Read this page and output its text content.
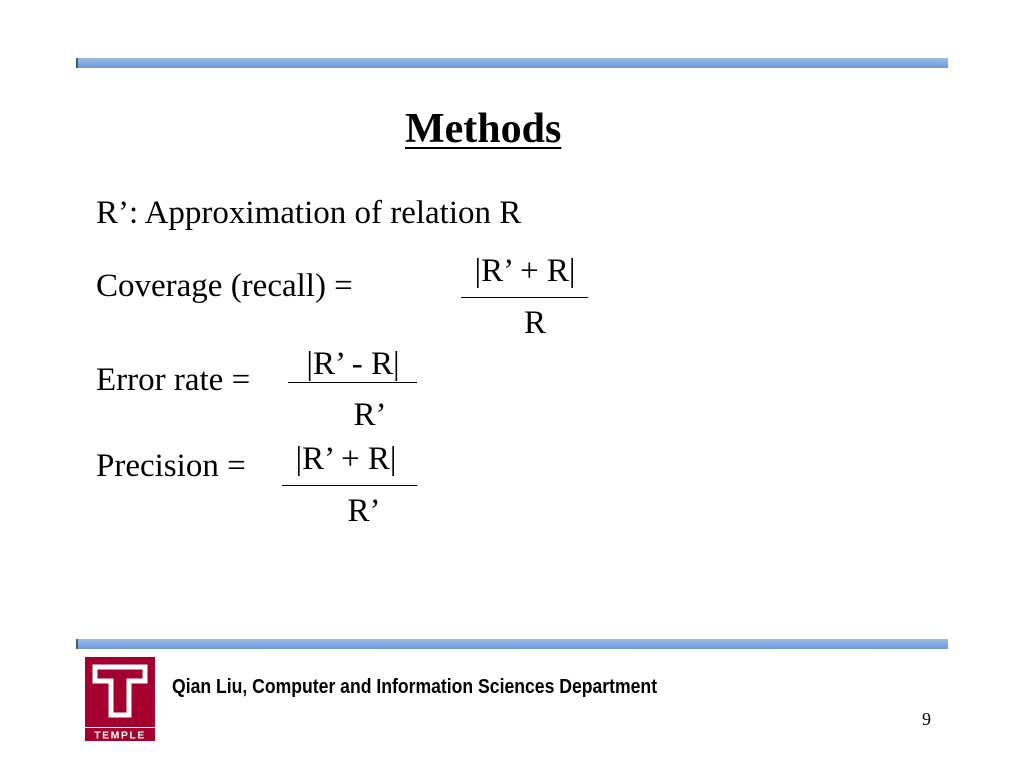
Methods
R’: Approximation of relation R
Coverage (recall) =	|R’ + R|
R
Error rate =	|R’ - R|
R’
Precision =	|R’ + R|
R’
TEMPLE
Qian Liu, Computer and Information Sciences Department
9
